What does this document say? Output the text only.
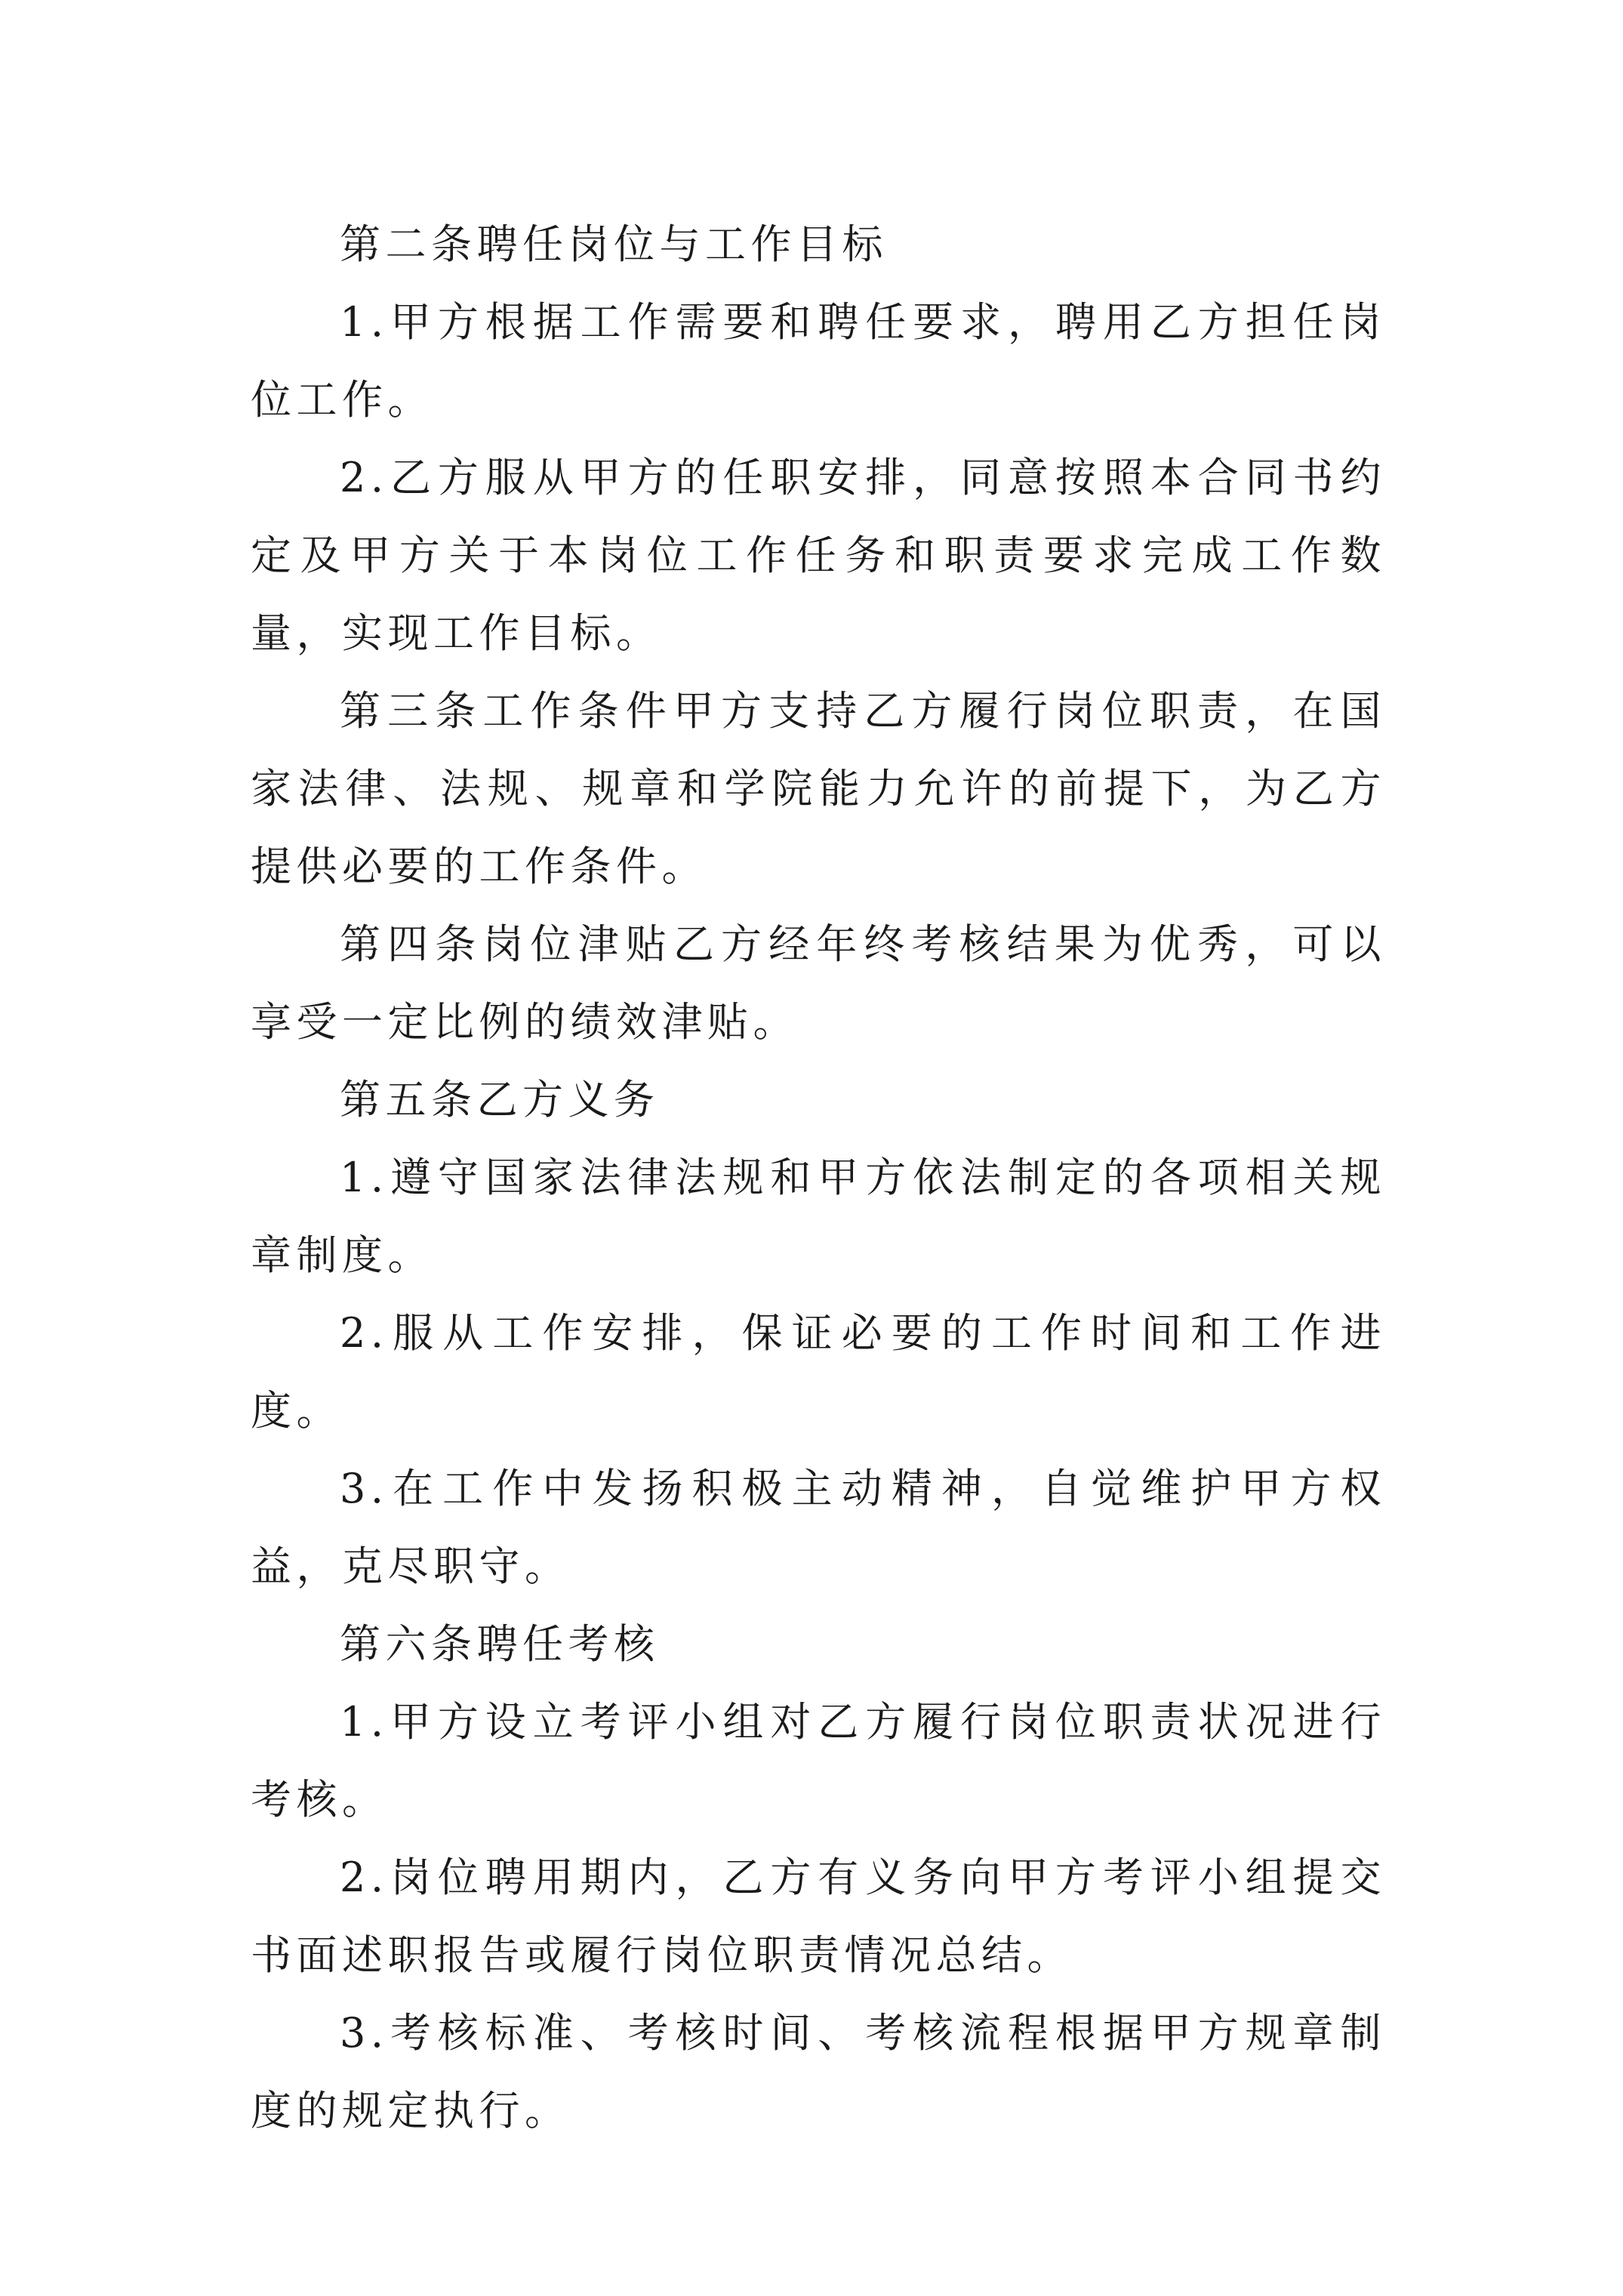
第二条聘任岗位与工作目标

1.甲方根据工作需要和聘任要求，聘用乙方担任岗位工作。

2.乙方服从甲方的任职安排，同意按照本合同书约定及甲方关于本岗位工作任务和职责要求完成工作数量，实现工作目标。

第三条工作条件甲方支持乙方履行岗位职责，在国家法律、法规、规章和学院能力允许的前提下，为乙方提供必要的工作条件。

第四条岗位津贴乙方经年终考核结果为优秀，可以享受一定比例的绩效津贴。

第五条乙方义务

1.遵守国家法律法规和甲方依法制定的各项相关规章制度。

2.服从工作安排，保证必要的工作时间和工作进度。

3.在工作中发扬积极主动精神，自觉维护甲方权益，克尽职守。

第六条聘任考核

1.甲方设立考评小组对乙方履行岗位职责状况进行考核。

2.岗位聘用期内，乙方有义务向甲方考评小组提交书面述职报告或履行岗位职责情况总结。

3.考核标准、考核时间、考核流程根据甲方规章制度的规定执行。
